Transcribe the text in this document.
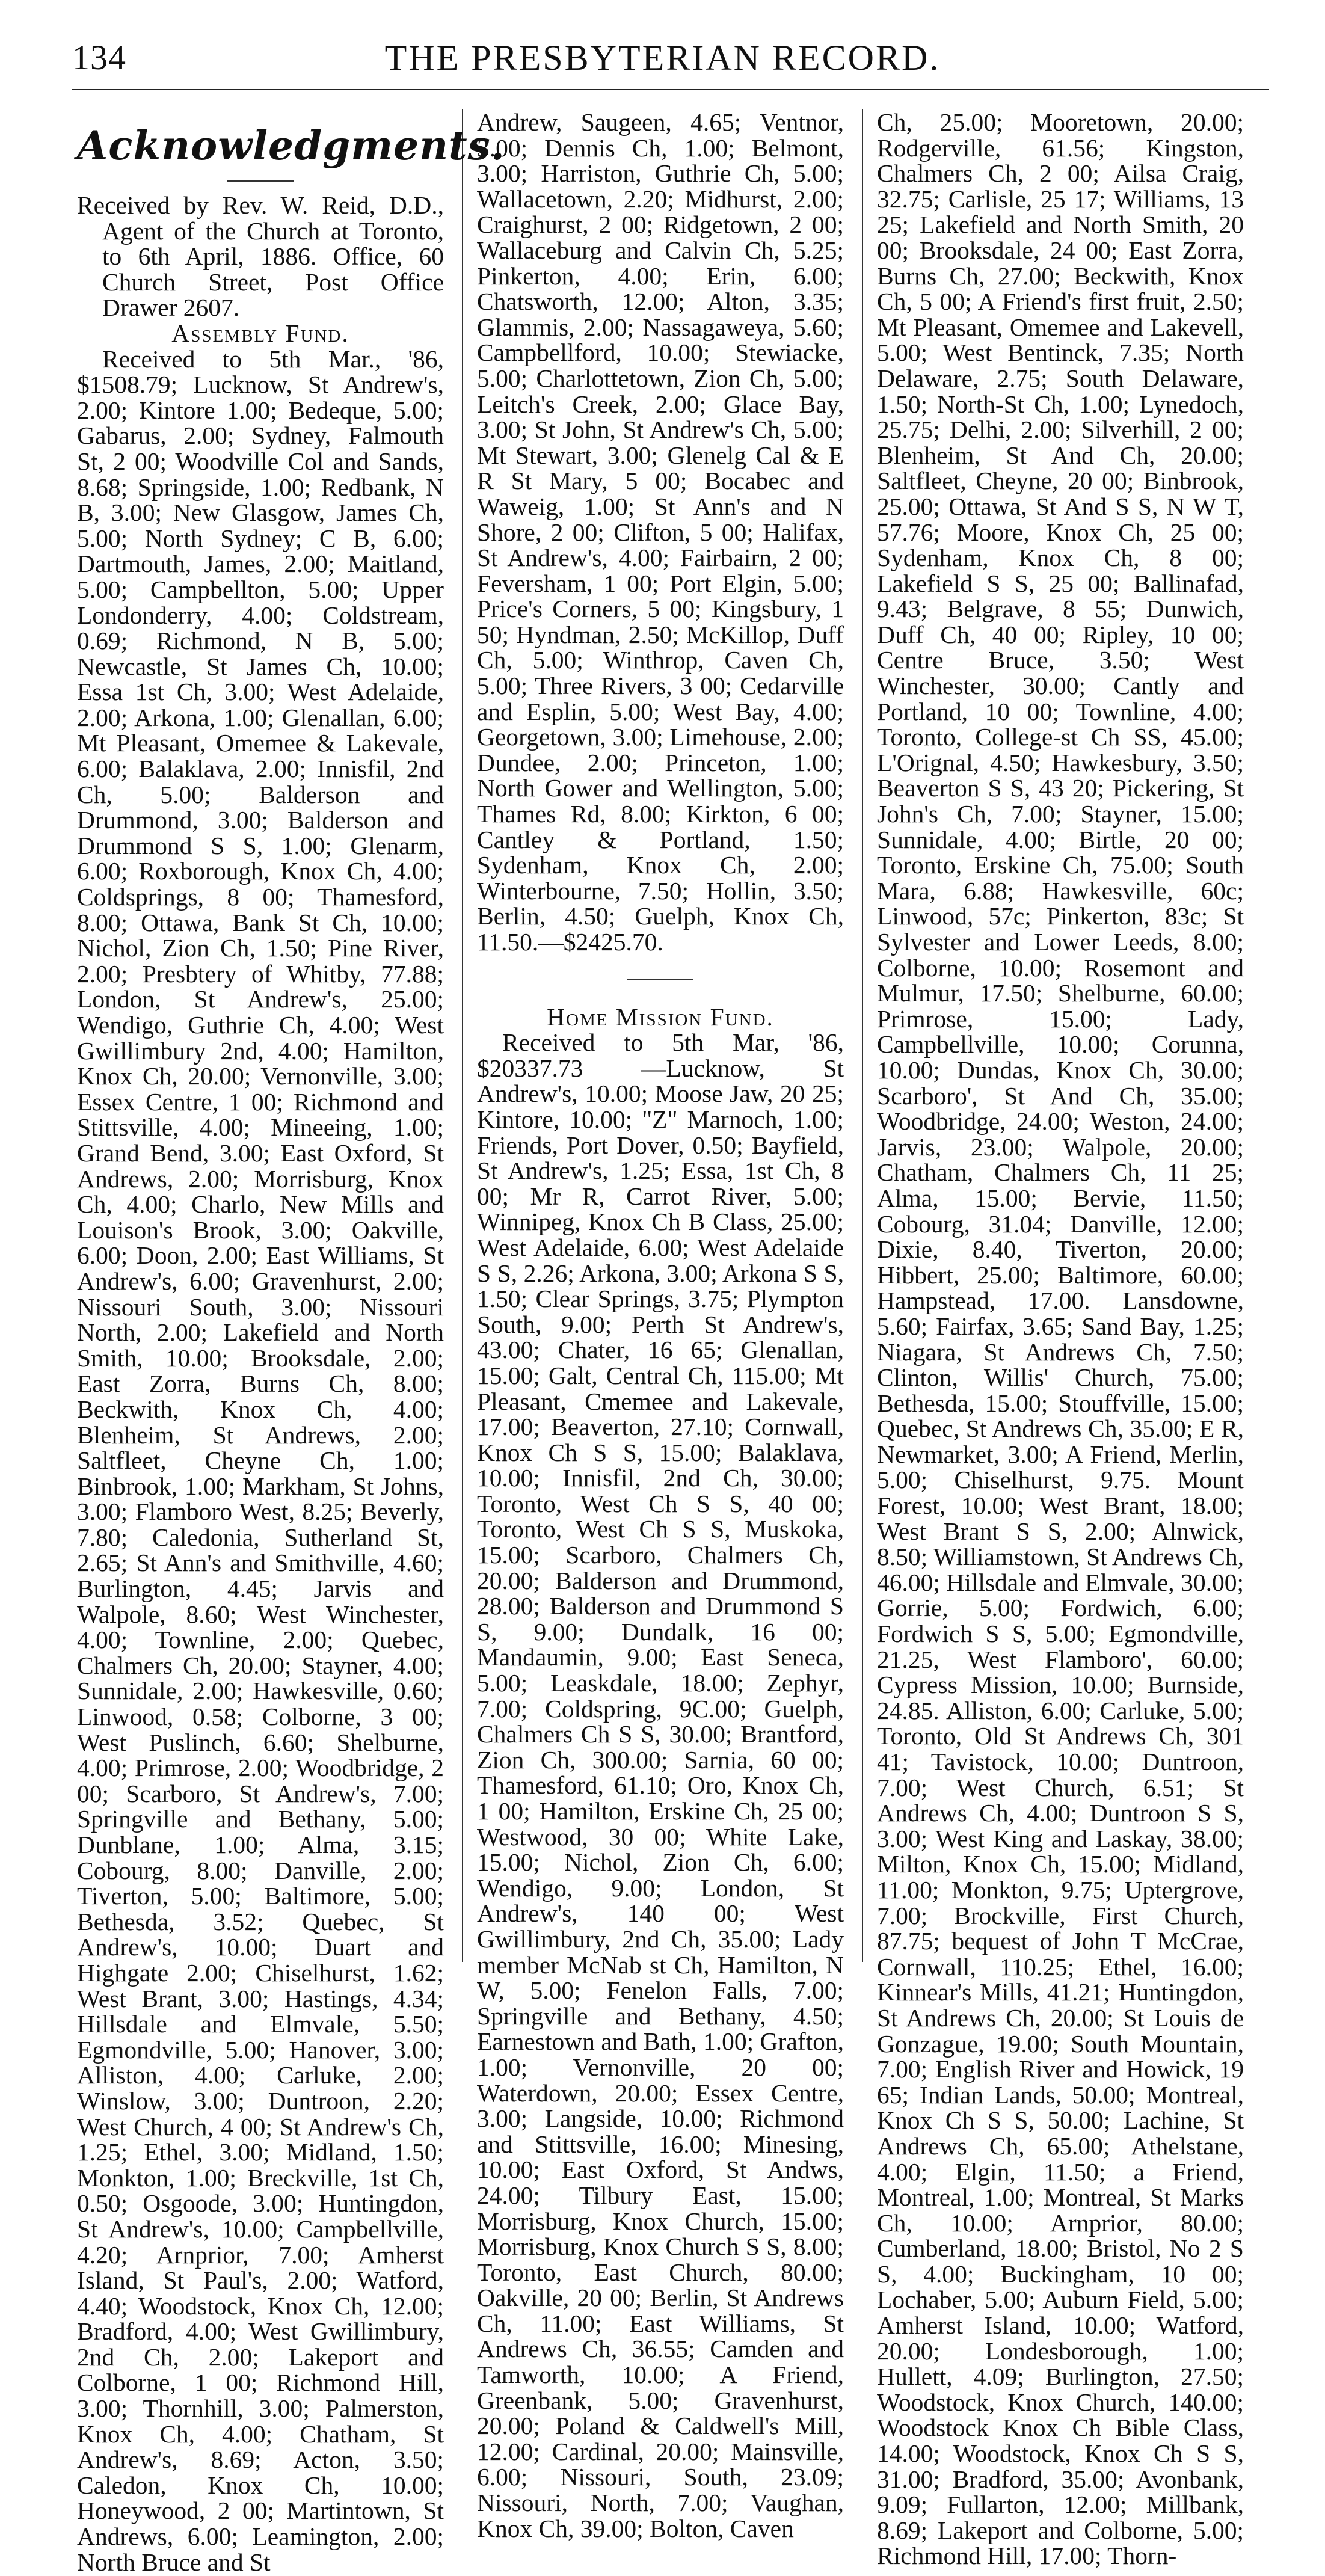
134	THE PRESBYTERIAN RECORD.
Acknowledgments.

Received by Rev. W. Reid, D.D., Agent of the Church at Toronto, to 6th April, 1886. Office, 60 Church Street, Post Office Drawer 2607.

Assembly Fund.

Received to 5th Mar., '86, $1508.79; Lucknow, St Andrew's, 2.00; Kintore 1.00; Bedeque, 5.00; Gabarus, 2.00; Sydney, Falmouth St, 2 00; Woodville Col and Sands, 8.68; Springside, 1.00; Redbank, N B, 3.00; New Glasgow, James Ch, 5.00; North Sydney; C B, 6.00; Dartmouth, James, 2.00; Maitland, 5.00; Campbellton, 5.00; Upper Londonderry, 4.00; Coldstream, 0.69; Richmond, N B, 5.00; Newcastle, St James Ch, 10.00; Essa 1st Ch, 3.00; West Adelaide, 2.00; Arkona, 1.00; Glenallan, 6.00; Mt Pleasant, Omemee & Lakevale, 6.00; Balaklava, 2.00; Innisfil, 2nd Ch, 5.00; Balderson and Drummond, 3.00; Balderson and Drummond S S, 1.00; Glenarm, 6.00; Roxborough, Knox Ch, 4.00; Coldsprings, 8 00; Thamesford, 8.00; Ottawa, Bank St Ch, 10.00; Nichol, Zion Ch, 1.50; Pine River, 2.00; Presbtery of Whitby, 77.88; London, St Andrew's, 25.00; Wendigo, Guthrie Ch, 4.00; West Gwillimbury 2nd, 4.00; Hamilton, Knox Ch, 20.00; Vernonville, 3.00; Essex Centre, 1 00; Richmond and Stittsville, 4.00; Mineeing, 1.00; Grand Bend, 3.00; East Oxford, St Andrews, 2.00; Morrisburg, Knox Ch, 4.00; Charlo, New Mills and Louison's Brook, 3.00; Oakville, 6.00; Doon, 2.00; East Williams, St Andrew's, 6.00; Gravenhurst, 2.00; Nissouri South, 3.00; Nissouri North, 2.00; Lakefield and North Smith, 10.00; Brooksdale, 2.00; East Zorra, Burns Ch, 8.00; Beckwith, Knox Ch, 4.00; Blenheim, St Andrews, 2.00; Saltfleet, Cheyne Ch, 1.00; Binbrook, 1.00; Markham, St Johns, 3.00; Flamboro West, 8.25; Beverly, 7.80; Caledonia, Sutherland St, 2.65; St Ann's and Smithville, 4.60; Burlington, 4.45; Jarvis and Walpole, 8.60; West Winchester, 4.00; Townline, 2.00; Quebec, Chalmers Ch, 20.00; Stayner, 4.00; Sunnidale, 2.00; Hawkesville, 0.60; Linwood, 0.58; Colborne, 3 00; West Puslinch, 6.60; Shelburne, 4.00; Primrose, 2.00; Woodbridge, 2 00; Scarboro, St Andrew's, 7.00; Springville and Bethany, 5.00; Dunblane, 1.00; Alma, 3.15; Cobourg, 8.00; Danville, 2.00; Tiverton, 5.00; Baltimore, 5.00; Bethesda, 3.52; Quebec, St Andrew's, 10.00; Duart and Highgate 2.00; Chiselhurst, 1.62; West Brant, 3.00; Hastings, 4.34; Hillsdale and Elmvale, 5.50; Egmondville, 5.00; Hanover, 3.00; Alliston, 4.00; Carluke, 2.00; Winslow, 3.00; Duntroon, 2.20; West Church, 4 00; St Andrew's Ch, 1.25; Ethel, 3.00; Midland, 1.50; Monkton, 1.00; Breckville, 1st Ch, 0.50; Osgoode, 3.00; Huntingdon, St Andrew's, 10.00; Campbellville, 4.20; Arnprior, 7.00; Amherst Island, St Paul's, 2.00; Watford, 4.40; Woodstock, Knox Ch, 12.00; Bradford, 4.00; West Gwillimbury, 2nd Ch, 2.00; Lakeport and Colborne, 1 00; Richmond Hill, 3.00; Thornhill, 3.00; Palmerston, Knox Ch, 4.00; Chatham, St Andrew's, 8.69; Acton, 3.50; Caledon, Knox Ch, 10.00; Honeywood, 2 00; Martintown, St Andrews, 6.00; Leamington, 2.00; North Bruce and St

Andrew, Saugeen, 4.65; Ventnor, 3.00; Dennis Ch, 1.00; Belmont, 3.00; Harriston, Guthrie Ch, 5.00; Wallacetown, 2.20; Midhurst, 2.00; Craighurst, 2 00; Ridgetown, 2 00; Wallaceburg and Calvin Ch, 5.25; Pinkerton, 4.00; Erin, 6.00; Chatsworth, 12.00; Alton, 3.35; Glammis, 2.00; Nassagaweya, 5.60; Campbellford, 10.00; Stewiacke, 5.00; Charlottetown, Zion Ch, 5.00; Leitch's Creek, 2.00; Glace Bay, 3.00; St John, St Andrew's Ch, 5.00; Mt Stewart, 3.00; Glenelg Cal & E R St Mary, 5 00; Bocabec and Waweig, 1.00; St Ann's and N Shore, 2 00; Clifton, 5 00; Halifax, St Andrew's, 4.00; Fairbairn, 2 00; Feversham, 1 00; Port Elgin, 5.00; Price's Corners, 5 00; Kingsbury, 1 50; Hyndman, 2.50; McKillop, Duff Ch, 5.00; Winthrop, Caven Ch, 5.00; Three Rivers, 3 00; Cedarville and Esplin, 5.00; West Bay, 4.00; Georgetown, 3.00; Limehouse, 2.00; Dundee, 2.00; Princeton, 1.00; North Gower and Wellington, 5.00; Thames Rd, 8.00; Kirkton, 6 00; Cantley & Portland, 1.50; Sydenham, Knox Ch, 2.00; Winterbourne, 7.50; Hollin, 3.50; Berlin, 4.50; Guelph, Knox Ch, 11.50.—$2425.70.

Home Mission Fund.

Received to 5th Mar, '86, $20337.73 —Lucknow, St Andrew's, 10.00; Moose Jaw, 20 25; Kintore, 10.00; "Z" Marnoch, 1.00; Friends, Port Dover, 0.50; Bayfield, St Andrew's, 1.25; Essa, 1st Ch, 8 00; Mr R, Carrot River, 5.00; Winnipeg, Knox Ch B Class, 25.00; West Adelaide, 6.00; West Adelaide S S, 2.26; Arkona, 3.00; Arkona S S, 1.50; Clear Springs, 3.75; Plympton South, 9.00; Perth St Andrew's, 43.00; Chater, 16 65; Glenallan, 15.00; Galt, Central Ch, 115.00; Mt Pleasant, Cmemee and Lakevale, 17.00; Beaverton, 27.10; Cornwall, Knox Ch S S, 15.00; Balaklava, 10.00; Innisfil, 2nd Ch, 30.00; Toronto, West Ch S S, 40 00; Toronto, West Ch S S, Muskoka, 15.00; Scarboro, Chalmers Ch, 20.00; Balderson and Drummond, 28.00; Balderson and Drummond S S, 9.00; Dundalk, 16 00; Mandaumin, 9.00; East Seneca, 5.00; Leaskdale, 18.00; Zephyr, 7.00; Coldspring, 9C.00; Guelph, Chalmers Ch S S, 30.00; Brantford, Zion Ch, 300.00; Sarnia, 60 00; Thamesford, 61.10; Oro, Knox Ch, 1 00; Hamilton, Erskine Ch, 25 00; Westwood, 30 00; White Lake, 15.00; Nichol, Zion Ch, 6.00; Wendigo, 9.00; London, St Andrew's, 140 00; West Gwillimbury, 2nd Ch, 35.00; Lady member McNab st Ch, Hamilton, N W, 5.00; Fenelon Falls, 7.00; Springville and Bethany, 4.50; Earnestown and Bath, 1.00; Grafton, 1.00; Vernonville, 20 00; Waterdown, 20.00; Essex Centre, 3.00; Langside, 10.00; Richmond and Stittsville, 16.00; Minesing, 10.00; East Oxford, St Andws, 24.00; Tilbury East, 15.00; Morrisburg, Knox Church, 15.00; Morrisburg, Knox Church S S, 8.00; Toronto, East Church, 80.00; Oakville, 20 00; Berlin, St Andrews Ch, 11.00; East Williams, St Andrews Ch, 36.55; Camden and Tamworth, 10.00; A Friend, Greenbank, 5.00; Gravenhurst, 20.00; Poland & Caldwell's Mill, 12.00; Cardinal, 20.00; Mainsville, 6.00; Nissouri, South, 23.09; Nissouri, North, 7.00; Vaughan, Knox Ch, 39.00; Bolton, Caven

Ch, 25.00; Mooretown, 20.00; Rodgerville, 61.56; Kingston, Chalmers Ch, 2 00; Ailsa Craig, 32.75; Carlisle, 25 17; Williams, 13 25; Lakefield and North Smith, 20 00; Brooksdale, 24 00; East Zorra, Burns Ch, 27.00; Beckwith, Knox Ch, 5 00; A Friend's first fruit, 2.50; Mt Pleasant, Omemee and Lakevell, 5.00; West Bentinck, 7.35; North Delaware, 2.75; South Delaware, 1.50; North-St Ch, 1.00; Lynedoch, 25.75; Delhi, 2.00; Silverhill, 2 00; Blenheim, St And Ch, 20.00; Saltfleet, Cheyne, 20 00; Binbrook, 25.00; Ottawa, St And S S, N W T, 57.76; Moore, Knox Ch, 25 00; Sydenham, Knox Ch, 8 00; Lakefield S S, 25 00; Ballinafad, 9.43; Belgrave, 8 55; Dunwich, Duff Ch, 40 00; Ripley, 10 00; Centre Bruce, 3.50; West Winchester, 30.00; Cantly and Portland, 10 00; Townline, 4.00; Toronto, College-st Ch SS, 45.00; L'Orignal, 4.50; Hawkesbury, 3.50; Beaverton S S, 43 20; Pickering, St John's Ch, 7.00; Stayner, 15.00; Sunnidale, 4.00; Birtle, 20 00; Toronto, Erskine Ch, 75.00; South Mara, 6.88; Hawkesville, 60c; Linwood, 57c; Pinkerton, 83c; St Sylvester and Lower Leeds, 8.00; Colborne, 10.00; Rosemont and Mulmur, 17.50; Shelburne, 60.00; Primrose, 15.00; Lady, Campbellville, 10.00; Corunna, 10.00; Dundas, Knox Ch, 30.00; Scarboro', St And Ch, 35.00; Woodbridge, 24.00; Weston, 24.00; Jarvis, 23.00; Walpole, 20.00; Chatham, Chalmers Ch, 11 25; Alma, 15.00; Bervie, 11.50; Cobourg, 31.04; Danville, 12.00; Dixie, 8.40, Tiverton, 20.00; Hibbert, 25.00; Baltimore, 60.00; Hampstead, 17.00. Lansdowne, 5.60; Fairfax, 3.65; Sand Bay, 1.25; Niagara, St Andrews Ch, 7.50; Clinton, Willis' Church, 75.00; Bethesda, 15.00; Stouffville, 15.00; Quebec, St Andrews Ch, 35.00; E R, Newmarket, 3.00; A Friend, Merlin, 5.00; Chiselhurst, 9.75. Mount Forest, 10.00; West Brant, 18.00; West Brant S S, 2.00; Alnwick, 8.50; Williamstown, St Andrews Ch, 46.00; Hillsdale and Elmvale, 30.00; Gorrie, 5.00; Fordwich, 6.00; Fordwich S S, 5.00; Egmondville, 21.25, West Flamboro', 60.00; Cypress Mission, 10.00; Burnside, 24.85. Alliston, 6.00; Carluke, 5.00; Toronto, Old St Andrews Ch, 301 41; Tavistock, 10.00; Duntroon, 7.00; West Church, 6.51; St Andrews Ch, 4.00; Duntroon S S, 3.00; West King and Laskay, 38.00; Milton, Knox Ch, 15.00; Midland, 11.00; Monkton, 9.75; Uptergrove, 7.00; Brockville, First Church, 87.75; bequest of John T McCrae, Cornwall, 110.25; Ethel, 16.00; Kinnear's Mills, 41.21; Huntingdon, St Andrews Ch, 20.00; St Louis de Gonzague, 19.00; South Mountain, 7.00; English River and Howick, 19 65; Indian Lands, 50.00; Montreal, Knox Ch S S, 50.00; Lachine, St Andrews Ch, 65.00; Athelstane, 4.00; Elgin, 11.50; a Friend, Montreal, 1.00; Montreal, St Marks Ch, 10.00; Arnprior, 80.00; Cumberland, 18.00; Bristol, No 2 S S, 4.00; Buckingham, 10 00; Lochaber, 5.00; Auburn Field, 5.00; Amherst Island, 10.00; Watford, 20.00; Londesborough, 1.00; Hullett, 4.09; Burlington, 27.50; Woodstock, Knox Church, 140.00; Woodstock Knox Ch Bible Class, 14.00; Woodstock, Knox Ch S S, 31.00; Bradford, 35.00; Avonbank, 9.09; Fullarton, 12.00; Millbank, 8.69; Lakeport and Colborne, 5.00; Richmond Hill, 17.00; Thorn-
